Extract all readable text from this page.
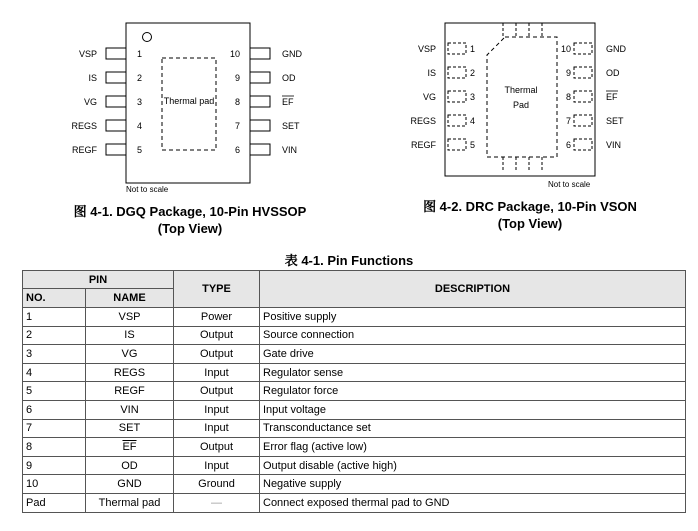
Thermal pad
VSP	1
IS	2
VG	3
REGS	4
REGF	5
10	GND
9	OD
8	EF
7	SET
6	VIN
Not to scale
图 4-1. DGQ Package, 10-Pin HVSSOP
(Top View)
Thermal
Pad
VSP	1
IS	2
VG	3
REGS	4
REGF	5
10	GND
9	OD
8	EF
7	SET
6	VIN
Not to scale
图 4-2. DRC Package, 10-Pin VSON
(Top View)
表 4-1. Pin Functions
PIN		TYPE	DESCRIPTION
NO.	NAME		
1	VSP	Power	Positive supply
2	IS	Output	Source connection
3	VG	Output	Gate drive
4	REGS	Input	Regulator sense
5	REGF	Output	Regulator force
6	VIN	Input	Input voltage
7	SET	Input	Transconductance set
8	$\overline{EF}$	Output	Error flag (active low)
9	OD	Input	Output disable (active high)
10	GND	Ground	Negative supply
Pad	Thermal pad	—	Connect exposed thermal pad to GND
